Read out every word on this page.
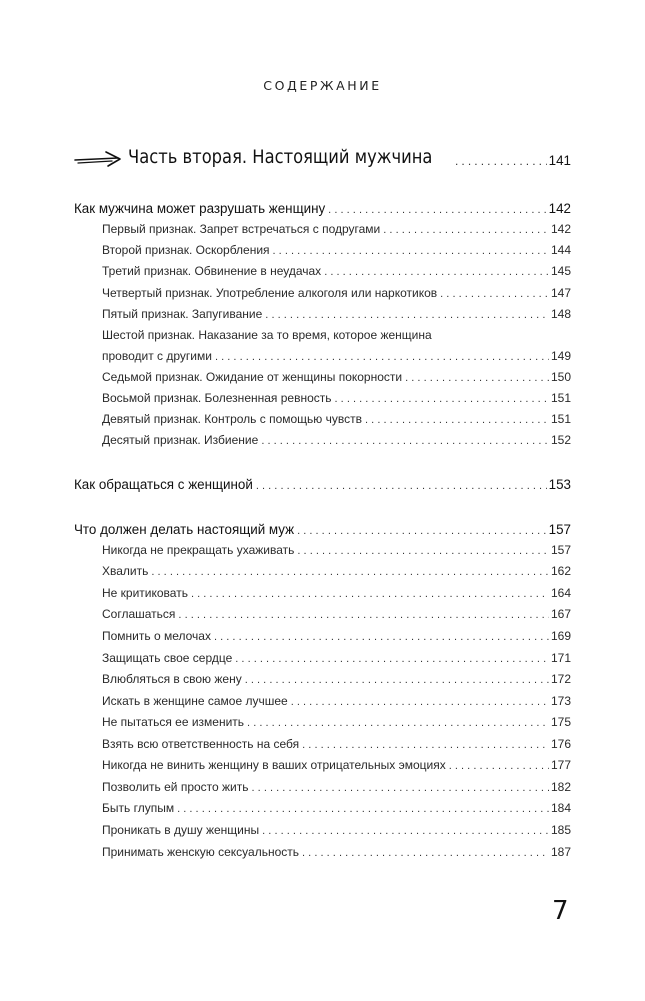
СОДЕРЖАНИЕ
Часть вторая. Настоящий мужчина .....	141
Как мужчина может разрушать женщину .....	142
Первый признак. Запрет встречаться с подругами .....	142
Второй признак. Оскорбления .....	144
Третий признак. Обвинение в неудачах .....	145
Четвертый признак. Употребление алкоголя или наркотиков .....	147
Пятый признак. Запугивание .....	148
Шестой признак. Наказание за то время, которое женщина
проводит с другими .....	149
Седьмой признак. Ожидание от женщины покорности .....	150
Восьмой признак. Болезненная ревность .....	151
Девятый признак. Контроль с помощью чувств .....	151
Десятый признак. Избиение .....	152
Как обращаться с женщиной .....	153
Что должен делать настоящий муж .....	157
Никогда не прекращать ухаживать .....	157
Хвалить .....	162
Не критиковать .....	164
Соглашаться .....	167
Помнить о мелочах .....	169
Защищать свое сердце .....	171
Влюбляться в свою жену .....	172
Искать в женщине самое лучшее .....	173
Не пытаться ее изменить .....	175
Взять всю ответственность на себя .....	176
Никогда не винить женщину в ваших отрицательных эмоциях .....	177
Позволить ей просто жить .....	182
Быть глупым .....	184
Проникать в душу женщины .....	185
Принимать женскую сексуальность .....	187
7
